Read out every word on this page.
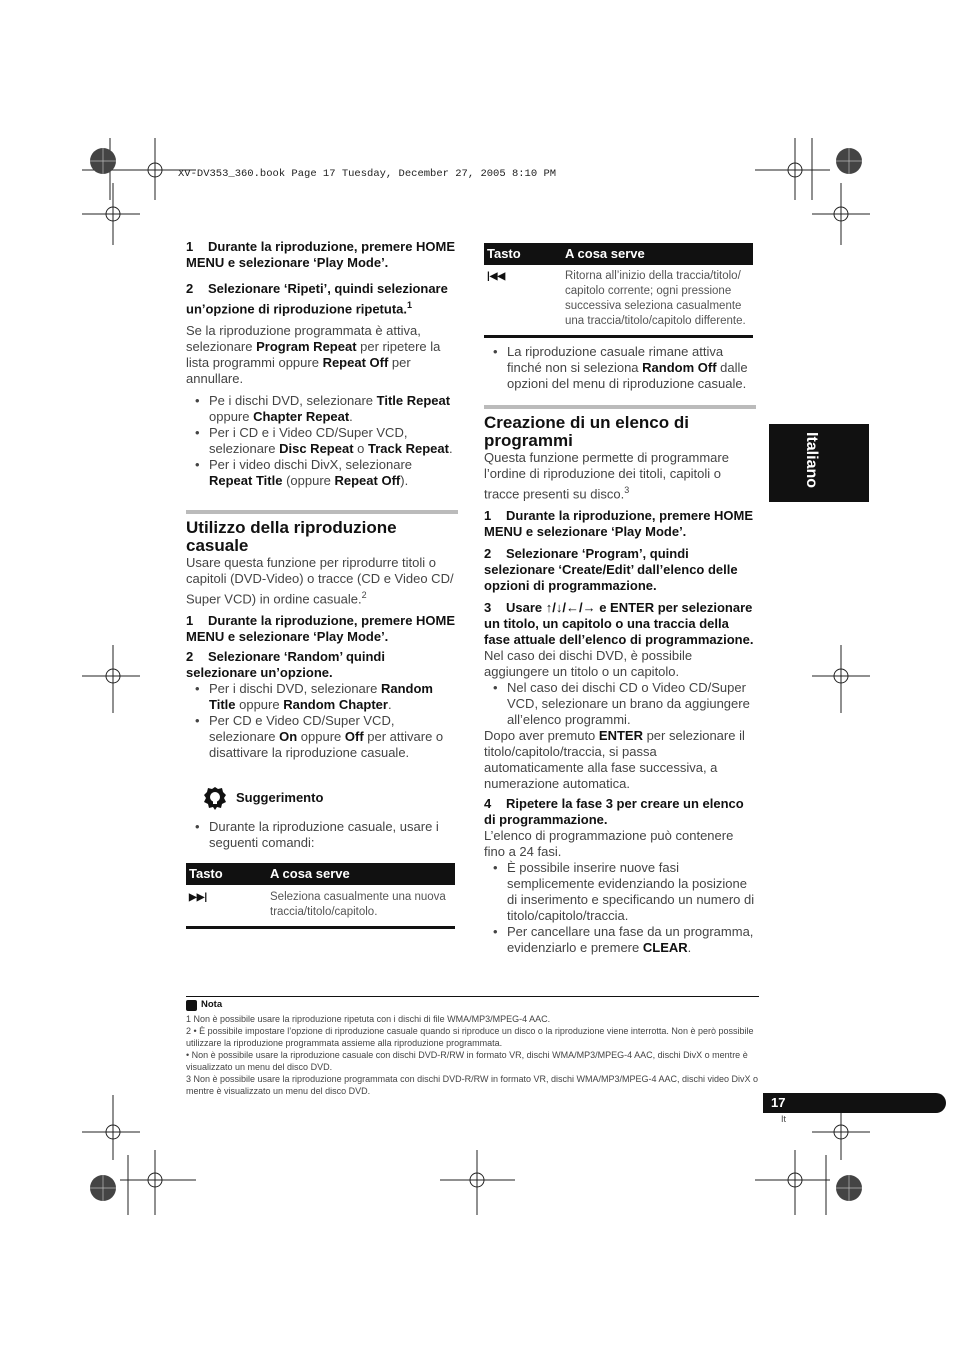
XV-DV353_360.book Page 17 Tuesday, December 27, 2005 8:10 PM

1 Durante la riproduzione, premere HOME MENU e selezionare ‘Play Mode’.

2 Selezionare ‘Ripeti’, quindi selezionare un’opzione di riproduzione ripetuta.$^1$

Se la riproduzione programmata è attiva, selezionare Program Repeat per ripetere la lista programmi oppure Repeat Off per annullare.

• Pe i dischi DVD, selezionare Title Repeat oppure Chapter Repeat.

• Per i CD e i Video CD/Super VCD, selezionare Disc Repeat o Track Repeat.

• Per i video dischi DivX, selezionare Repeat Title (oppure Repeat Off).

Utilizzo della riproduzione casuale

Usare questa funzione per riprodurre titoli o capitoli (DVD-Video) o tracce (CD e Video CD/ Super VCD) in ordine casuale.$^2$

1 Durante la riproduzione, premere HOME MENU e selezionare ‘Play Mode’.

2 Selezionare ‘Random’ quindi selezionare un’opzione.

• Per i dischi DVD, selezionare Random Title oppure Random Chapter.

• Per CD e Video CD/Super VCD, selezionare On oppure Off per attivare o disattivare la riproduzione casuale.

Suggerimento

• Durante la riproduzione casuale, usare i seguenti comandi:

Tasto	A cosa serve
▶▶|	Seleziona casualmente una nuova traccia/titolo/capitolo.
Tasto	A cosa serve
|◀◀	Ritorna all’inizio della traccia/titolo/ capitolo corrente; ogni pressione successiva seleziona casualmente una traccia/titolo/capitolo differente.

• La riproduzione casuale rimane attiva finché non si seleziona Random Off dalle opzioni del menu di riproduzione casuale.

Creazione di un elenco di programmi

Questa funzione permette di programmare l’ordine di riproduzione dei titoli, capitoli o tracce presenti su disco.$^3$

1 Durante la riproduzione, premere HOME MENU e selezionare ‘Play Mode’.

2 Selezionare ‘Program’, quindi selezionare ‘Create/Edit’ dall’elenco delle opzioni di programmazione.

3 Usare ↑/↓/←/→ e ENTER per selezionare un titolo, un capitolo o una traccia della fase attuale dell’elenco di programmazione.

Nel caso dei dischi DVD, è possibile aggiungere un titolo o un capitolo.

• Nel caso dei dischi CD o Video CD/Super VCD, selezionare un brano da aggiungere all’elenco programmi.

Dopo aver premuto ENTER per selezionare il titolo/capitolo/traccia, si passa automaticamente alla fase successiva, a numerazione automatica.

4 Ripetere la fase 3 per creare un elenco di programmazione.

L’elenco di programmazione può contenere fino a 24 fasi.

• È possibile inserire nuove fasi semplicemente evidenziando la posizione di inserimento e specificando un numero di titolo/capitolo/traccia.

• Per cancellare una fase da un programma, evidenziarlo e premere CLEAR.

Italiano
Nota
1 Non è possibile usare la riproduzione ripetuta con i dischi di file WMA/MP3/MPEG-4 AAC.
2 • È possibile impostare l’opzione di riproduzione casuale quando si riproduce un disco o la riproduzione viene interrotta. Non è però possibile utilizzare la riproduzione programmata assieme alla riproduzione programmata.
• Non è possibile usare la riproduzione casuale con dischi DVD-R/RW in formato VR, dischi WMA/MP3/MPEG-4 AAC, dischi DivX o mentre è visualizzato un menu del disco DVD.
3 Non è possibile usare la riproduzione programmata con dischi DVD-R/RW in formato VR, dischi WMA/MP3/MPEG-4 AAC, dischi video DivX o mentre è visualizzato un menu del disco DVD.
17
It
